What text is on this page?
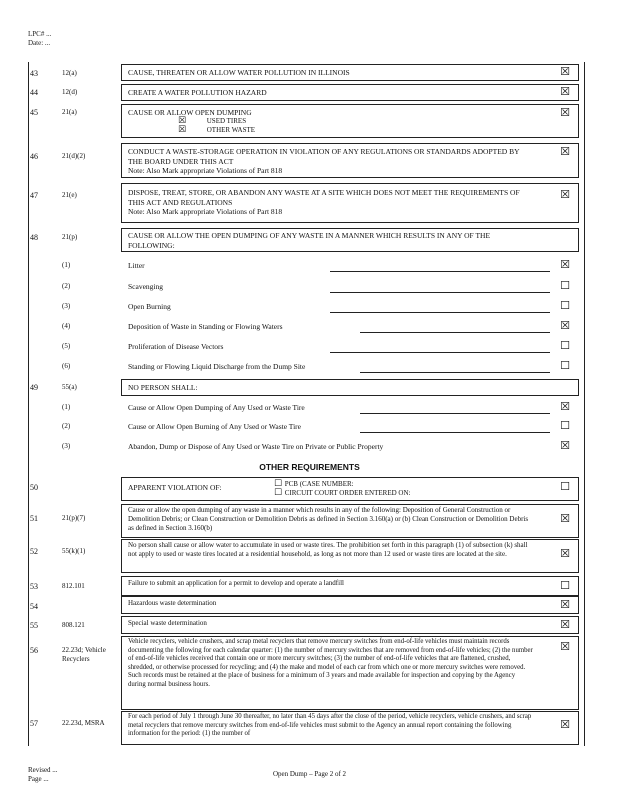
LPC# ...
Date: ...
43	12(a)	CAUSE, THREATEN OR ALLOW WATER POLLUTION IN ILLINOIS	☒
44	12(d)	CREATE A WATER POLLUTION HAZARD	☒
45	21(a)	CAUSE OR ALLOW OPEN DUMPING
☒	USED TIRES
☒	OTHER WASTE
☒
46	21(d)(2)	CONDUCT A WASTE-STORAGE OPERATION IN VIOLATION OF ANY REGULATIONS OR STANDARDS ADOPTED BY THE BOARD UNDER THIS ACT
Note: Also Mark appropriate Violations of Part 818
☒
47	21(e)	DISPOSE, TREAT, STORE, OR ABANDON ANY WASTE AT A SITE WHICH DOES NOT MEET THE REQUIREMENTS OF THIS ACT AND REGULATIONS
Note: Also Mark appropriate Violations of Part 818
☒
48	21(p)	CAUSE OR ALLOW THE OPEN DUMPING OF ANY WASTE IN A MANNER WHICH RESULTS IN ANY OF THE FOLLOWING:
(1)	Litter	☒
(2)	Scavenging	☐
(3)	Open Burning	☐
(4)	Deposition of Waste in Standing or Flowing Waters	☒
(5)	Proliferation of Disease Vectors	☐
(6)	Standing or Flowing Liquid Discharge from the Dump Site	☐
49	55(a)	NO PERSON SHALL:
(1)	Cause or Allow Open Dumping of Any Used or Waste Tire	☒
(2)	Cause or Allow Open Burning of Any Used or Waste Tire	☐
(3)	Abandon, Dump or Dispose of Any Used or Waste Tire on Private or Public Property	☒
OTHER REQUIREMENTS
50	APPARENT VIOLATION OF:	☐ PCB (CASE NUMBER:
☐ CIRCUIT COURT ORDER ENTERED ON:	☐
51	21(p)(7)
Cause or allow the open dumping of any waste in a manner which results in any of the following: Deposition of General Construction or Demolition Debris; or Clean Construction or Demolition Debris as defined in Section 3.160(a) or (b) Clean Construction or Demolition Debris as defined in Section 3.160(b)
☒
52	55(k)(1)
No person shall cause or allow water to accumulate in used or waste tires. The prohibition set forth in this paragraph (1) of subsection (k) shall not apply to used or waste tires located at a residential household, as long as not more than 12 used or waste tires are located at the site.	☒
53	812.101	Failure to submit an application for a permit to develop and operate a landfill	☐
54	Hazardous waste determination	☒
55	808.121	Special waste determination	☒
56	22.23d; Vehicle Recyclers
Vehicle recyclers, vehicle crushers, and scrap metal recyclers that remove mercury switches from end-of-life vehicles must maintain records documenting the following for each calendar quarter: (1) the number of mercury switches that are removed from end-of-life vehicles; (2) the number of end-of-life vehicles received that contain one or more mercury switches; (3) the number of end-of-life vehicles that are flattened, crushed, shredded, or otherwise processed for recycling; and (4) the make and model of each car from which one or more mercury switches were removed. Such records must be retained at the place of business for a minimum of 3 years and made available for inspection and copying by the Agency during normal business hours.
☒
57	22.23d, MSRA
For each period of July 1 through June 30 thereafter, no later than 45 days after the close of the period, vehicle recyclers, vehicle crushers, and scrap metal recyclers that remove mercury switches from end-of-life vehicles must submit to the Agency an annual report containing the following information for the period: (1) the number of
☒
Revised ...
Page ...
Open Dump – Page 2 of 2
